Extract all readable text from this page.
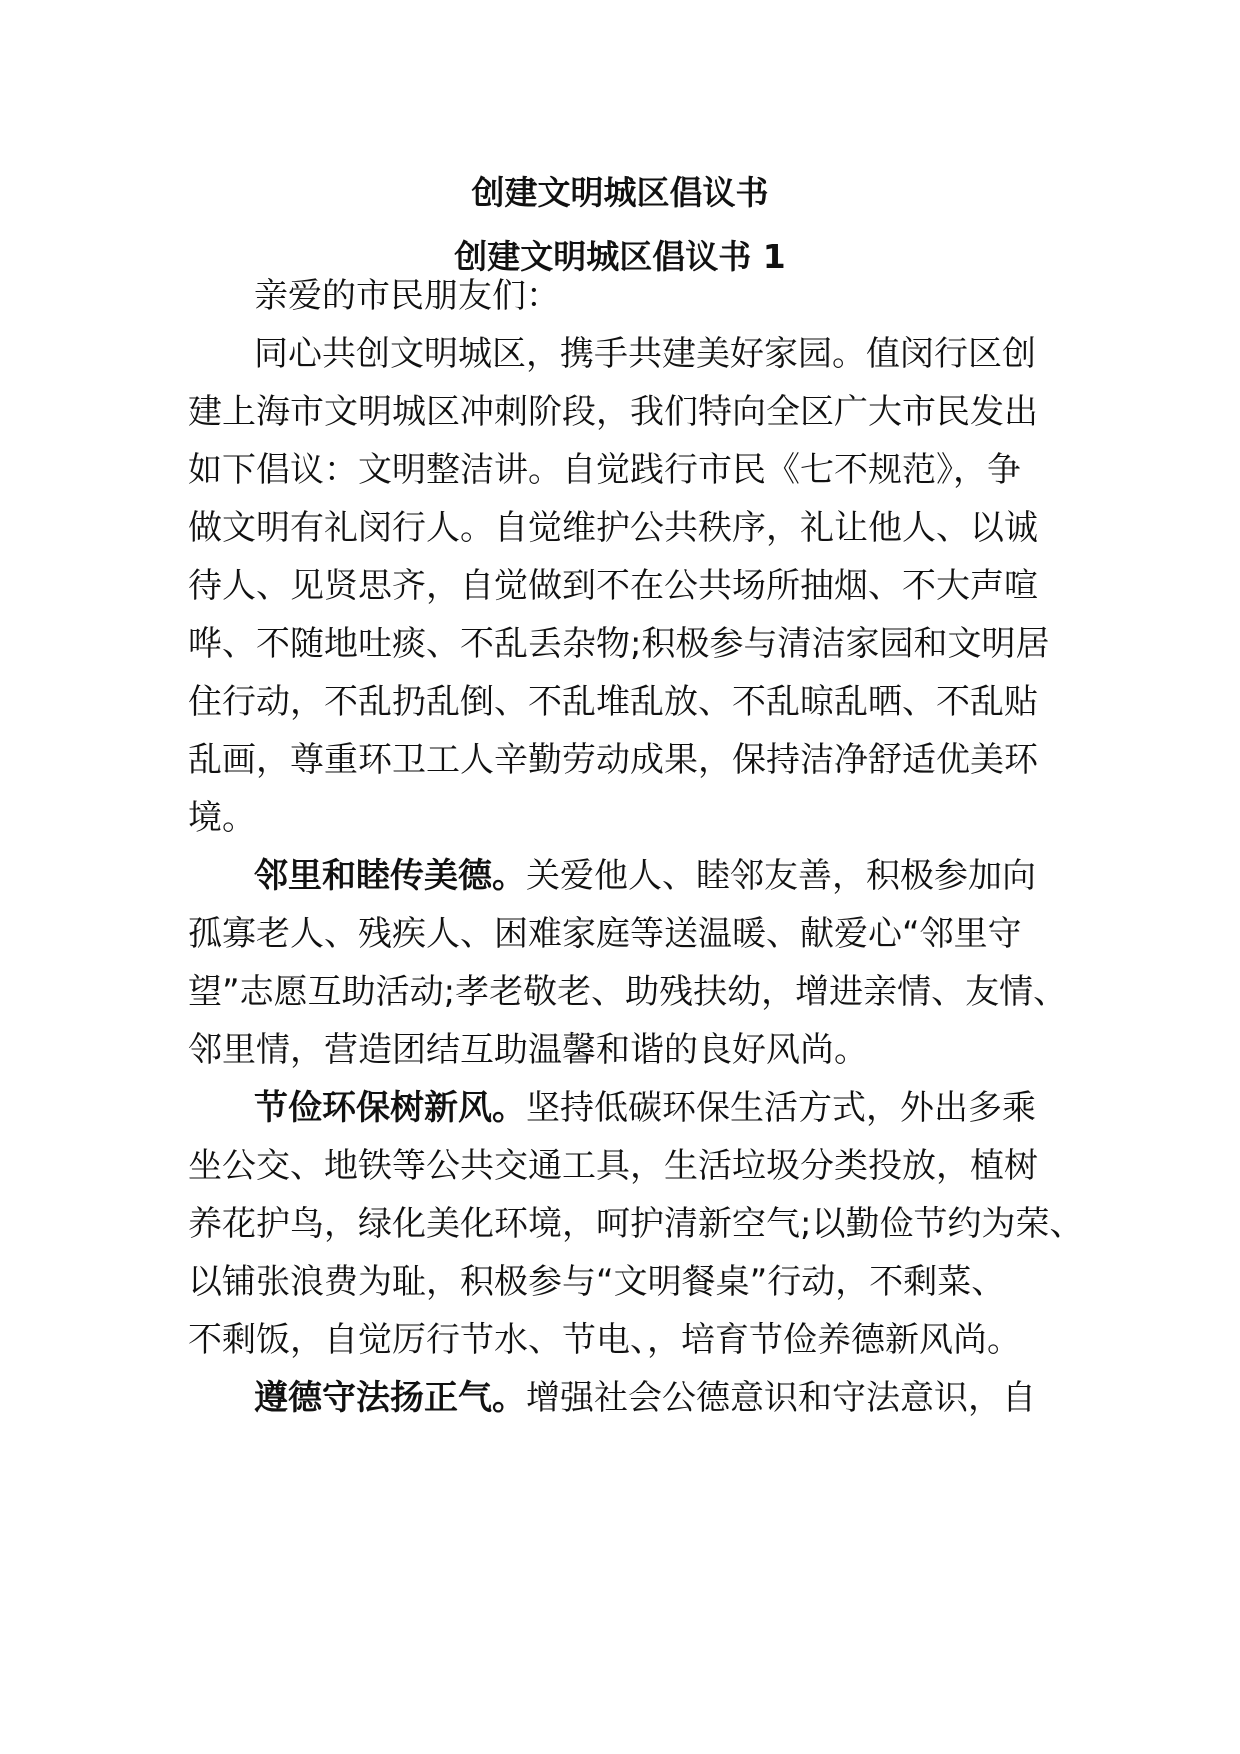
创建文明城区倡议书
创建文明城区倡议书 1
亲爱的市民朋友们：
同心共创文明城区，携手共建美好家园。值闵行区创
建上海市文明城区冲刺阶段，我们特向全区广大市民发出
如下倡议：文明整洁讲。自觉践行市民《七不规范》，争
做文明有礼闵行人。自觉维护公共秩序，礼让他人、以诚
待人、见贤思齐，自觉做到不在公共场所抽烟、不大声喧
哗、不随地吐痰、不乱丢杂物;积极参与清洁家园和文明居
住行动，不乱扔乱倒、不乱堆乱放、不乱晾乱晒、不乱贴
乱画，尊重环卫工人辛勤劳动成果，保持洁净舒适优美环
境。
邻里和睦传美德。关爱他人、睦邻友善，积极参加向
孤寡老人、残疾人、困难家庭等送温暖、献爱心“邻里守
望”志愿互助活动;孝老敬老、助残扶幼，增进亲情、友情、
邻里情，营造团结互助温馨和谐的良好风尚。
节俭环保树新风。坚持低碳环保生活方式，外出多乘
坐公交、地铁等公共交通工具，生活垃圾分类投放，植树
养花护鸟，绿化美化环境，呵护清新空气;以勤俭节约为荣、
以铺张浪费为耻，积极参与“文明餐桌”行动，不剩菜、
不剩饭，自觉厉行节水、节电、，培育节俭养德新风尚。
遵德守法扬正气。增强社会公德意识和守法意识，自
